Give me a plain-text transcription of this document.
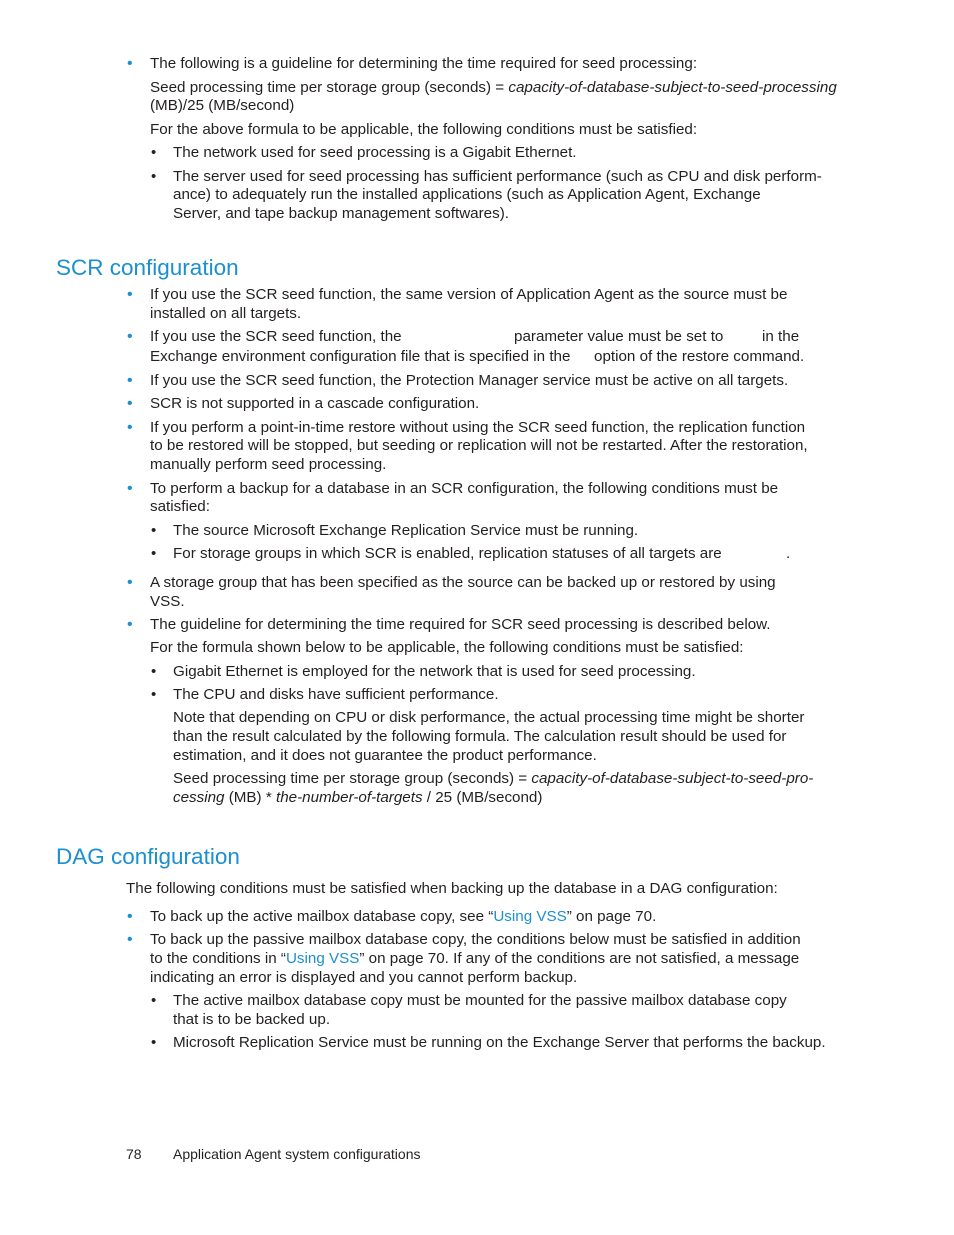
• The following is a guideline for determining the time required for seed processing:

Seed processing time per storage group (seconds) = capacity-of-database-subject-to-seed-processing

(MB)/25 (MB/second)

For the above formula to be applicable, the following conditions must be satisfied:

• The network used for seed processing is a Gigabit Ethernet.

• The server used for seed processing has sufficient performance (such as CPU and disk perform-

ance) to adequately run the installed applications (such as Application Agent, Exchange

Server, and tape backup management softwares).

SCR configuration
• If you use the SCR seed function, the same version of Application Agent as the source must be

installed on all targets.

• If you use the SCR seed function, the	parameter value must be set to	in the

Exchange environment configuration file that is specified in the option of the restore command.

• If you use the SCR seed function, the Protection Manager service must be active on all targets.

• SCR is not supported in a cascade configuration.

• If you perform a point-in-time restore without using the SCR seed function, the replication function

to be restored will be stopped, but seeding or replication will not be restarted. After the restoration,

manually perform seed processing.

• To perform a backup for a database in an SCR configuration, the following conditions must be

satisfied:

• The source Microsoft Exchange Replication Service must be running.

• For storage groups in which SCR is enabled, replication statuses of all targets are	.

• A storage group that has been specified as the source can be backed up or restored by using

VSS.

• The guideline for determining the time required for SCR seed processing is described below.

For the formula shown below to be applicable, the following conditions must be satisfied:

• Gigabit Ethernet is employed for the network that is used for seed processing.

• The CPU and disks have sufficient performance.

Note that depending on CPU or disk performance, the actual processing time might be shorter

than the result calculated by the following formula. The calculation result should be used for

estimation, and it does not guarantee the product performance.

Seed processing time per storage group (seconds) = capacity-of-database-subject-to-seed-pro-

cessing (MB) * the-number-of-targets / 25 (MB/second)

DAG configuration

The following conditions must be satisfied when backing up the database in a DAG configuration:

• To back up the active mailbox database copy, see “Using VSS” on page 70.

• To back up the passive mailbox database copy, the conditions below must be satisfied in addition

to the conditions in “Using VSS” on page 70. If any of the conditions are not satisfied, a message

indicating an error is displayed and you cannot perform backup.

• The active mailbox database copy must be mounted for the passive mailbox database copy

that is to be backed up.

• Microsoft Replication Service must be running on the Exchange Server that performs the backup.

78 Application Agent system configurations
